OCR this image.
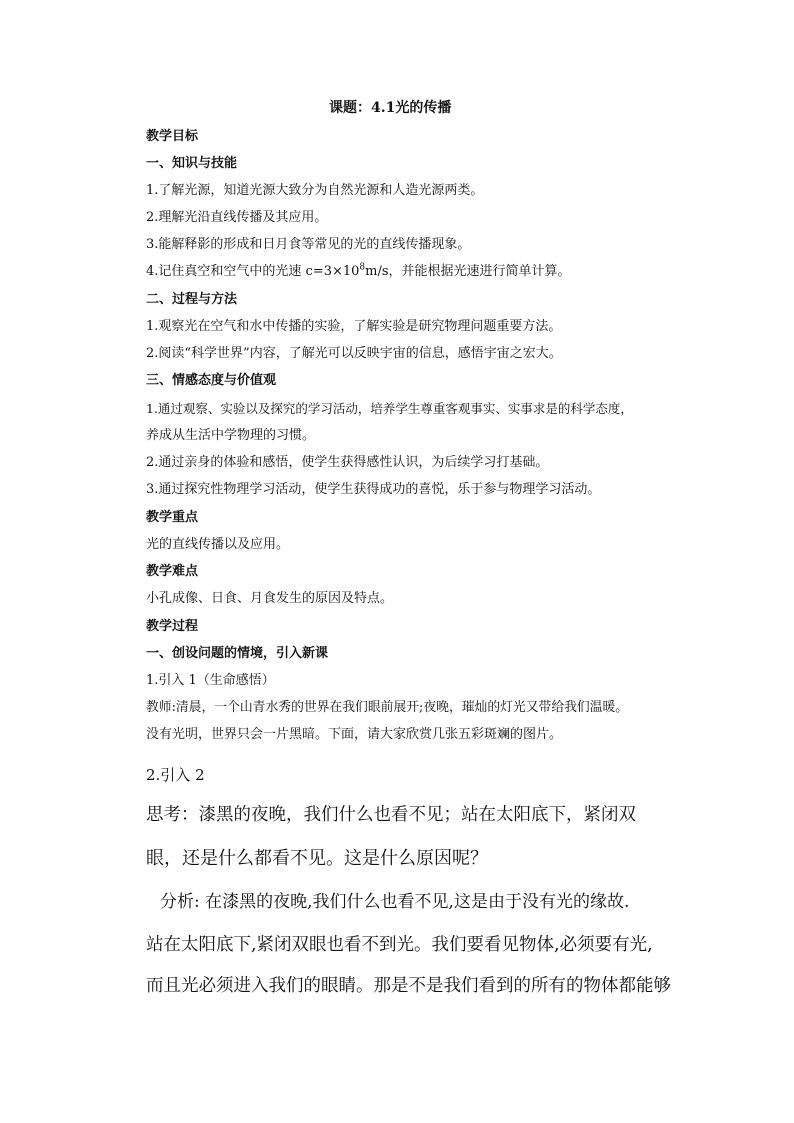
课题：4.1光的传播
教学目标
一、知识与技能
1.了解光源，知道光源大致分为自然光源和人造光源两类。
2.理解光沿直线传播及其应用。
3.能解释影的形成和日月食等常见的光的直线传播现象。
4.记住真空和空气中的光速 $c=3\times 10^8m/s$，并能根据光速进行简单计算。
二、过程与方法
1.观察光在空气和水中传播的实验，了解实验是研究物理问题重要方法。
2.阅读“科学世界”内容，了解光可以反映宇宙的信息，感悟宇宙之宏大。
三、情感态度与价值观
1.通过观察、实验以及探究的学习活动，培养学生尊重客观事实、实事求是的科学态度，
养成从生活中学物理的习惯。
2.通过亲身的体验和感悟，使学生获得感性认识，为后续学习打基础。
3.通过探究性物理学习活动，使学生获得成功的喜悦，乐于参与物理学习活动。
教学重点
光的直线传播以及应用。
教学难点
小孔成像、日食、月食发生的原因及特点。
教学过程
一、创设问题的情境，引入新课
1.引入 1（生命感悟）
教师:清晨，一个山青水秀的世界在我们眼前展开;夜晚，璀灿的灯光又带给我们温暖。
没有光明，世界只会一片黑暗。下面，请大家欣赏几张五彩斑斓的图片。
2.引入 2
思考：漆黑的夜晚，我们什么也看不见；站在太阳底下，紧闭双
眼，还是什么都看不见。这是什么原因呢？
分析: 在漆黑的夜晚,我们什么也看不见,这是由于没有光的缘故.
站在太阳底下,紧闭双眼也看不到光。我们要看见物体,必须要有光,
而且光必须进入我们的眼睛。那是不是我们看到的所有的物体都能够
